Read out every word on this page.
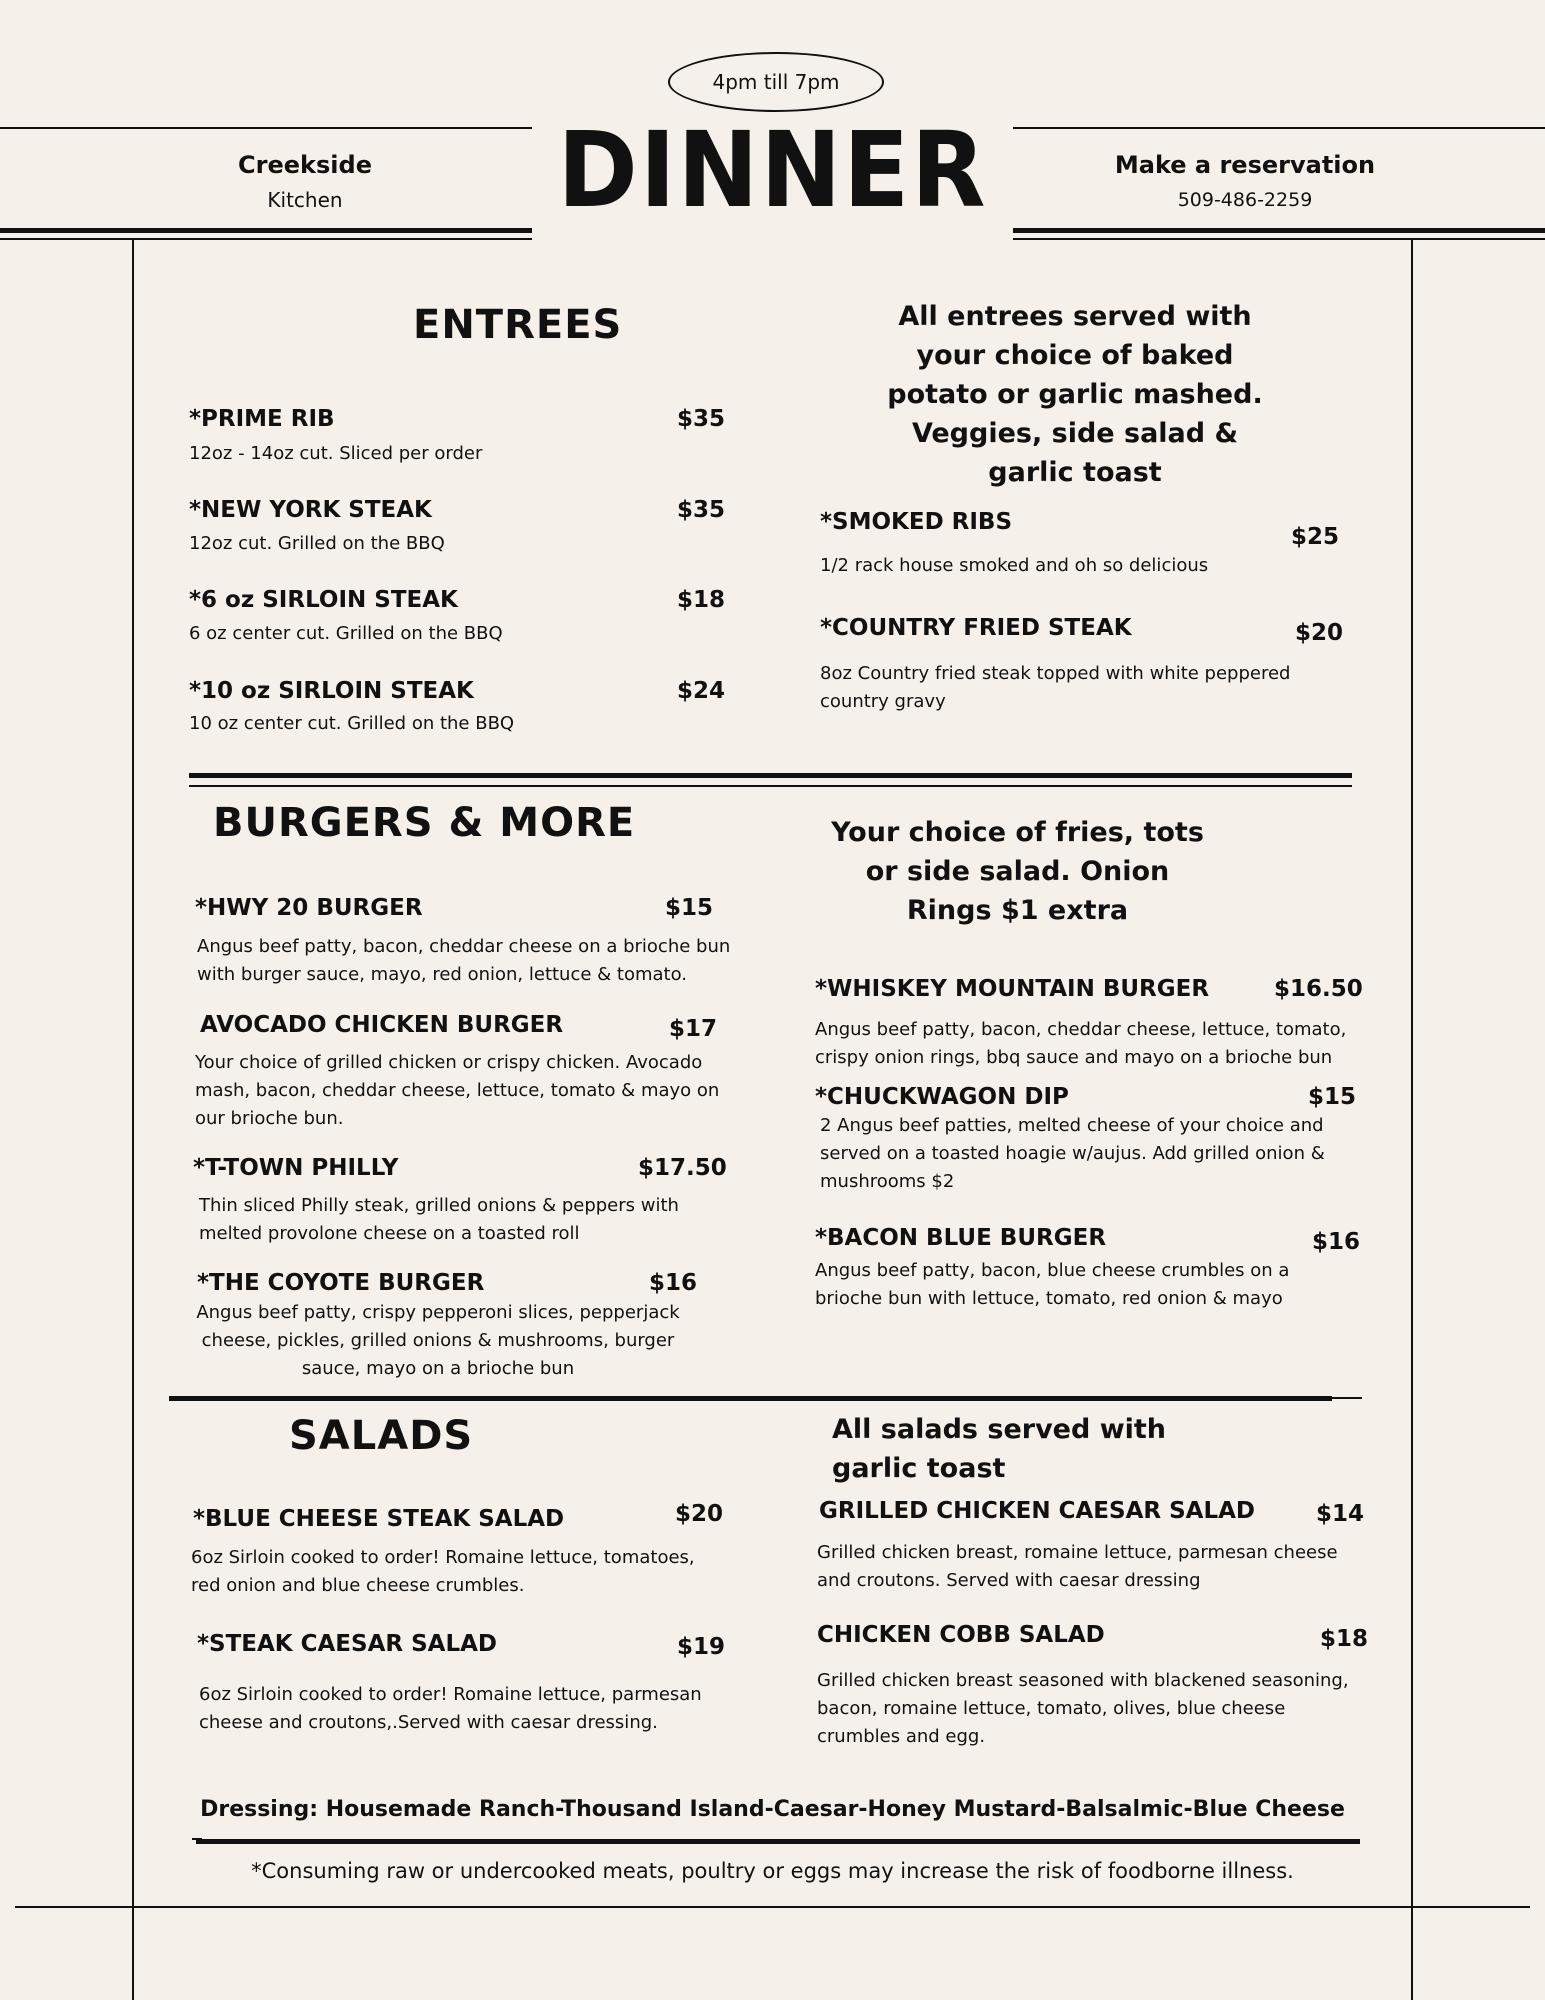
4pm till 7pm
DINNER
Creekside
Kitchen
Make a reservation
509-486-2259
ENTREES	All entrees served with your choice of baked potato or garlic mashed. Veggies, side salad & garlic toast
*PRIME RIB	$35
12oz - 14oz cut. Sliced per order
*NEW YORK STEAK	$35
12oz cut. Grilled on the BBQ
*6 oz SIRLOIN STEAK	$18
6 oz center cut. Grilled on the BBQ
*10 oz SIRLOIN STEAK	$24
10 oz center cut. Grilled on the BBQ
*SMOKED RIBS
$25
1/2 rack house smoked and oh so delicious
*COUNTRY FRIED STEAK	$20
8oz Country fried steak topped with white peppered country gravy
BURGERS & MORE	Your choice of fries, tots or side salad. Onion Rings $1 extra
*HWY 20 BURGER	$15
Angus beef patty, bacon, cheddar cheese on a brioche bun with burger sauce, mayo, red onion, lettuce & tomato.
AVOCADO CHICKEN BURGER	$17
Your choice of grilled chicken or crispy chicken. Avocado mash, bacon, cheddar cheese, lettuce, tomato & mayo on our brioche bun.
*T-TOWN PHILLY	$17.50
Thin sliced Philly steak, grilled onions & peppers with melted provolone cheese on a toasted roll
*THE COYOTE BURGER	$16
Angus beef patty, crispy pepperoni slices, pepperjack cheese, pickles, grilled onions & mushrooms, burger sauce, mayo on a brioche bun
*WHISKEY MOUNTAIN BURGER	$16.50
Angus beef patty, bacon, cheddar cheese, lettuce, tomato, crispy onion rings, bbq sauce and mayo on a brioche bun
*CHUCKWAGON DIP	$15
2 Angus beef patties, melted cheese of your choice and served on a toasted hoagie w/aujus. Add grilled onion & mushrooms $2
*BACON BLUE BURGER	$16
Angus beef patty, bacon, blue cheese crumbles on a brioche bun with lettuce, tomato, red onion & mayo
SALADS	All salads served with garlic toast
*BLUE CHEESE STEAK SALAD	$20
6oz Sirloin cooked to order! Romaine lettuce, tomatoes, red onion and blue cheese crumbles.
*STEAK CAESAR SALAD	$19
6oz Sirloin cooked to order! Romaine lettuce, parmesan cheese and croutons,.Served with caesar dressing.
GRILLED CHICKEN CAESAR SALAD	$14
Grilled chicken breast, romaine lettuce, parmesan cheese and croutons. Served with caesar dressing
CHICKEN COBB SALAD	$18
Grilled chicken breast seasoned with blackened seasoning, bacon, romaine lettuce, tomato, olives, blue cheese crumbles and egg.
Dressing: Housemade Ranch-Thousand Island-Caesar-Honey Mustard-Balsalmic-Blue Cheese
*Consuming raw or undercooked meats, poultry or eggs may increase the risk of foodborne illness.
